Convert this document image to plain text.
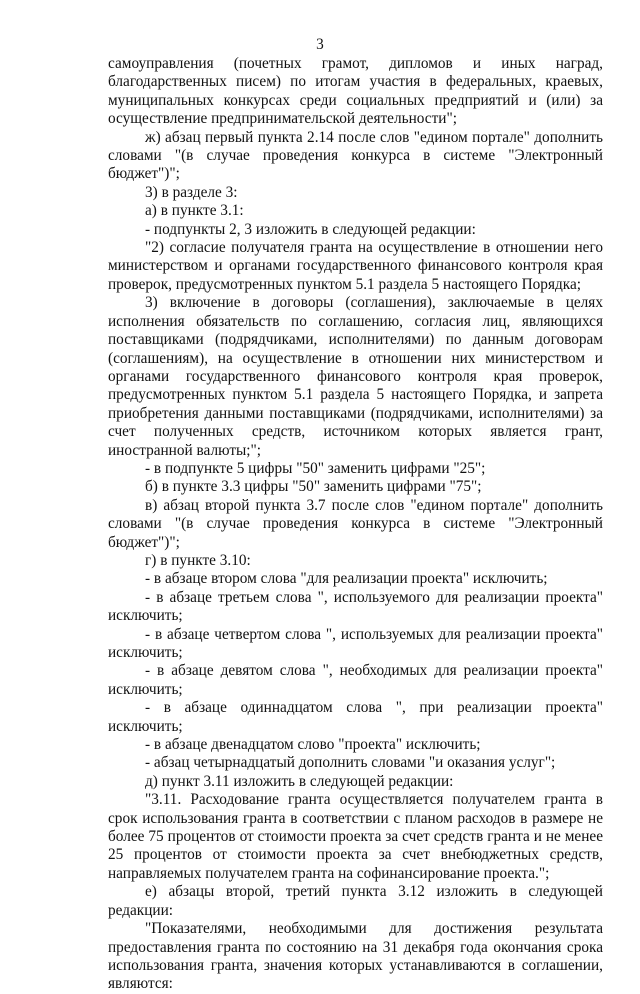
3

самоуправления (почетных грамот, дипломов и иных наград, благодарственных писем) по итогам участия в федеральных, краевых, муниципальных конкурсах среди социальных предприятий и (или) за осуществление предпринимательской деятельности";

ж) абзац первый пункта 2.14 после слов "едином портале" дополнить словами "(в случае проведения конкурса в системе "Электронный бюджет")";

3) в разделе 3:

а) в пункте 3.1:

- подпункты 2, 3 изложить в следующей редакции:

"2) согласие получателя гранта на осуществление в отношении него министерством и органами государственного финансового контроля края проверок, предусмотренных пунктом 5.1 раздела 5 настоящего Порядка;

3) включение в договоры (соглашения), заключаемые в целях исполнения обязательств по соглашению, согласия лиц, являющихся поставщиками (подрядчиками, исполнителями) по данным договорам (соглашениям), на осуществление в отношении них министерством и органами государственного финансового контроля края проверок, предусмотренных пунктом 5.1 раздела 5 настоящего Порядка, и запрета приобретения данными поставщиками (подрядчиками, исполнителями) за счет полученных средств, источником которых является грант, иностранной валюты;";

- в подпункте 5 цифры "50" заменить цифрами "25";

б) в пункте 3.3 цифры "50" заменить цифрами "75";

в) абзац второй пункта 3.7 после слов "едином портале" дополнить словами "(в случае проведения конкурса в системе "Электронный бюджет")";

г) в пункте 3.10:

- в абзаце втором слова "для реализации проекта" исключить;

- в абзаце третьем слова ", используемого для реализации проекта" исключить;

- в абзаце четвертом слова ", используемых для реализации проекта" исключить;

- в абзаце девятом слова ", необходимых для реализации проекта" исключить;

- в абзаце одиннадцатом слова ", при реализации проекта" исключить;

- в абзаце двенадцатом слово "проекта" исключить;

- абзац четырнадцатый дополнить словами "и оказания услуг";

д) пункт 3.11 изложить в следующей редакции:

"3.11. Расходование гранта осуществляется получателем гранта в срок использования гранта в соответствии с планом расходов в размере не более 75 процентов от стоимости проекта за счет средств гранта и не менее 25 процентов от стоимости проекта за счет внебюджетных средств, направляемых получателем гранта на софинансирование проекта.";

е) абзацы второй, третий пункта 3.12 изложить в следующей редакции:

"Показателями, необходимыми для достижения результата предоставления гранта по состоянию на 31 декабря года окончания срока использования гранта, значения которых устанавливаются в соглашении, являются:
